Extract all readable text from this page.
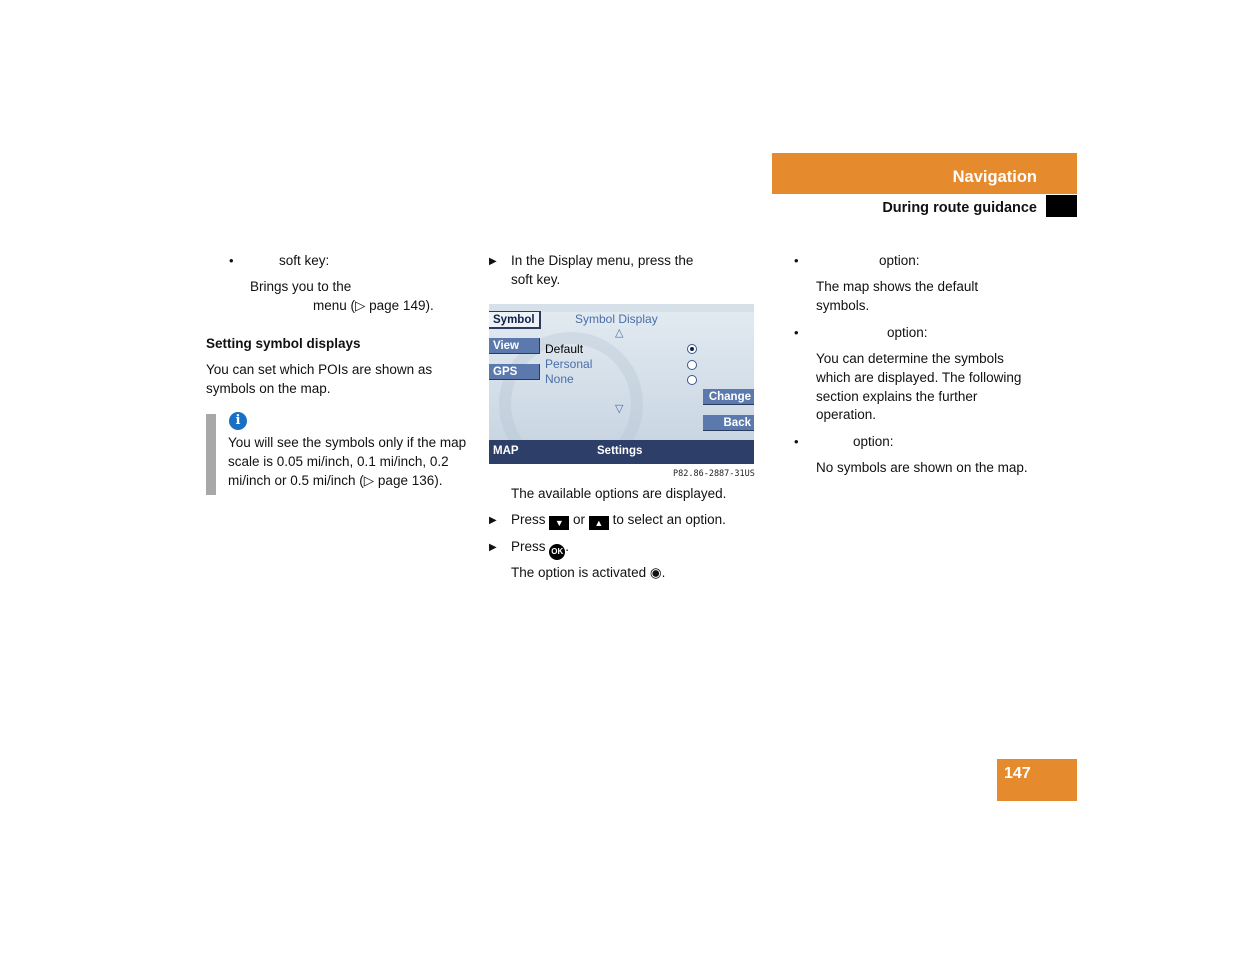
Navigation
During route guidance
•	soft key:
Brings you to the
menu (▷ page 149).
Setting symbol displays
You can set which POIs are shown as
symbols on the map.
i
You will see the symbols only if the map
scale is 0.05 mi/inch, 0.1 mi/inch, 0.2
mi/inch or 0.5 mi/inch (▷ page 136).
▶ In the Display menu, press the
soft key.
Symbol
View
GPS
Symbol Display
△
Default
Personal
None
▽
Change
Back
MAP	Settings
P82.86-2887-31US
The available options are displayed.
▶ Press ▼ or ▲ to select an option.
▶ Press OK .
The option is activated ◉.
•	option:
The map shows the default
symbols.
•	option:
You can determine the symbols
which are displayed. The following
section explains the further
operation.
•	option:
No symbols are shown on the map.
147
